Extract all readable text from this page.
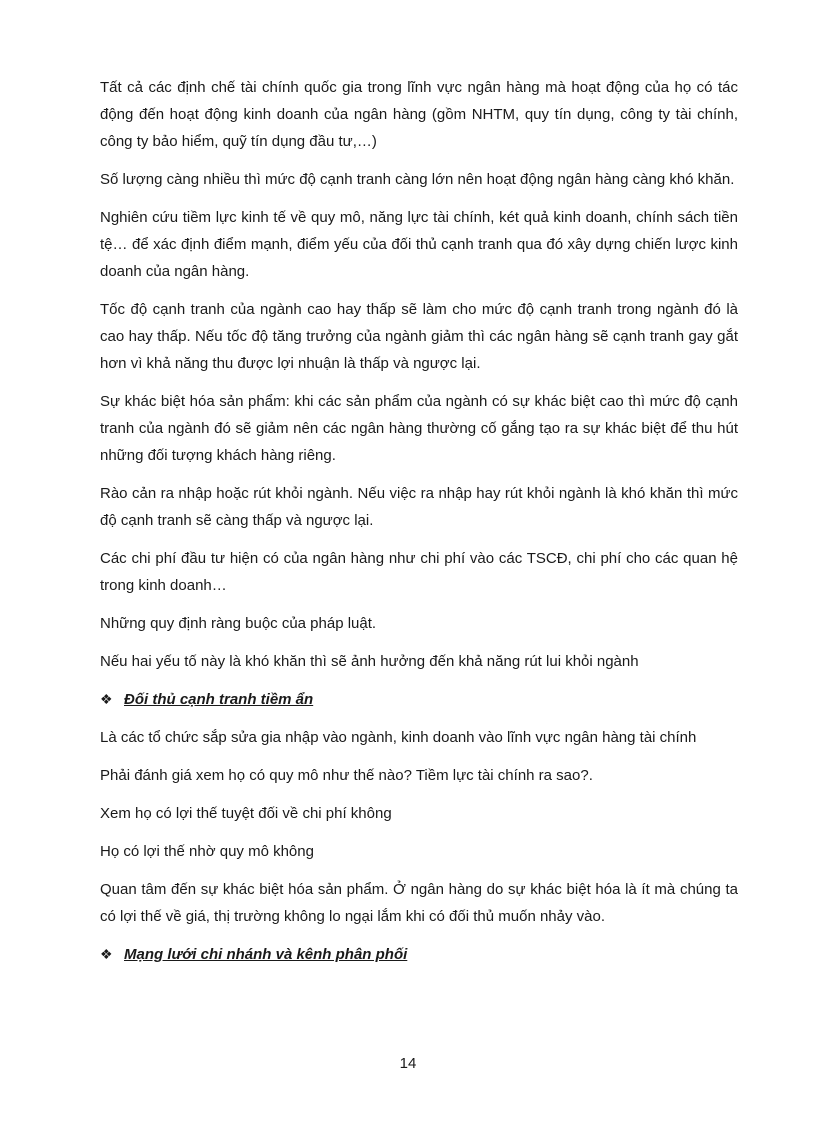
Tất cả các định chế tài chính quốc gia trong lĩnh vực ngân hàng mà hoạt động của họ có tác động đến hoạt động kinh doanh của ngân hàng (gồm NHTM, quy tín dụng, công ty tài chính, công ty bảo hiểm, quỹ tín dụng đầu tư,…)

Số lượng càng nhiều thì mức độ cạnh tranh càng lớn nên hoạt động ngân hàng càng khó khăn.

Nghiên cứu tiềm lực kinh tế về quy mô, năng lực tài chính, két quả kinh doanh, chính sách tiền tệ… để xác định điểm mạnh, điểm yếu của đối thủ cạnh tranh qua đó xây dựng chiến lược kinh doanh của ngân hàng.

Tốc độ cạnh tranh của ngành cao hay thấp sẽ làm cho mức độ cạnh tranh trong ngành đó là cao hay thấp. Nếu tốc độ tăng trưởng của ngành giảm thì các ngân hàng sẽ cạnh tranh gay gắt hơn vì khả năng thu được lợi nhuận là thấp và ngược lại.

Sự khác biệt hóa sản phẩm: khi các sản phẩm của ngành có sự khác biệt cao thì mức độ cạnh tranh của ngành đó sẽ giảm nên các ngân hàng thường cố gắng tạo ra sự khác biệt để thu hút những đối tượng khách hàng riêng.

Rào cản ra nhập hoặc rút khỏi ngành. Nếu việc ra nhập hay rút khỏi ngành là khó khăn thì mức độ cạnh tranh sẽ càng thấp và ngược lại.

Các chi phí đầu tư hiện có của ngân hàng như chi phí vào các TSCĐ, chi phí cho các quan hệ trong kinh doanh…

Những quy định ràng buộc của pháp luật.

Nếu hai yếu tố này là khó khăn thì sẽ ảnh hưởng đến khả năng rút lui khỏi ngành

❖ Đối thủ cạnh tranh tiềm ẩn

Là các tổ chức sắp sửa gia nhập vào ngành, kinh doanh vào lĩnh vực ngân hàng tài chính

Phải đánh giá xem họ có quy mô như thế nào? Tiềm lực tài chính ra sao?.

Xem họ có lợi thế tuyệt đối về chi phí không

Họ có lợi thế nhờ quy mô không

Quan tâm đến sự khác biệt hóa sản phẩm. Ở ngân hàng do sự khác biệt hóa là ít mà chúng ta có lợi thế về giá, thị trường không lo ngại lắm khi có đối thủ muốn nhảy vào.

❖ Mạng lưới chi nhánh và kênh phân phối
14
